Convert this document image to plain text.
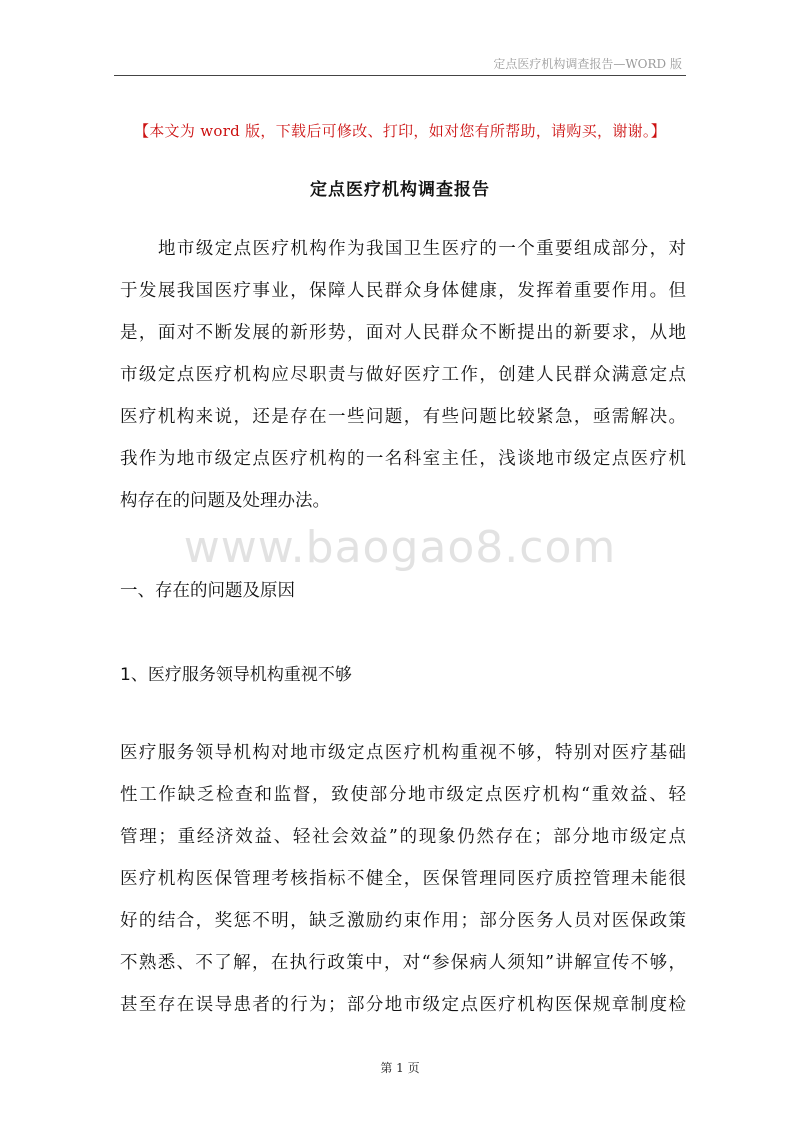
定点医疗机构调查报告—WORD 版
【本文为 word 版，下载后可修改、打印，如对您有所帮助，请购买，谢谢。】
定点医疗机构调查报告

地市级定点医疗机构作为我国卫生医疗的一个重要组成部分，对
于发展我国医疗事业，保障人民群众身体健康，发挥着重要作用。但
是，面对不断发展的新形势，面对人民群众不断提出的新要求，从地
市级定点医疗机构应尽职责与做好医疗工作，创建人民群众满意定点
医疗机构来说，还是存在一些问题，有些问题比较紧急，亟需解决。
我作为地市级定点医疗机构的一名科室主任，浅谈地市级定点医疗机
构存在的问题及处理办法。

www.baogao8.com
一、存在的问题及原因
1、医疗服务领导机构重视不够

医疗服务领导机构对地市级定点医疗机构重视不够，特别对医疗基础
性工作缺乏检查和监督，致使部分地市级定点医疗机构“重效益、轻
管理；重经济效益、轻社会效益”的现象仍然存在；部分地市级定点
医疗机构医保管理考核指标不健全，医保管理同医疗质控管理未能很
好的结合，奖惩不明，缺乏激励约束作用；部分医务人员对医保政策
不熟悉、不了解，在执行政策中，对“参保病人须知”讲解宣传不够，
甚至存在误导患者的行为；部分地市级定点医疗机构医保规章制度检

第 1 页
